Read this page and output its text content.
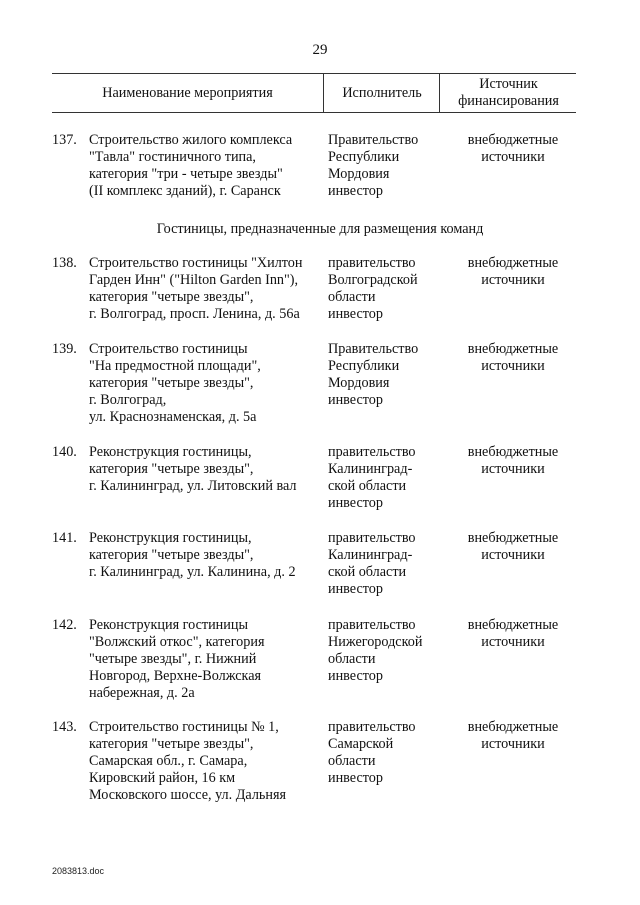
29
Наименование мероприятия	Исполнитель
Источник
финансирования
137. Строительство жилого комплекса
"Тавла" гостиничного типа,
категория "три - четыре звезды"
(II комплекс зданий), г. Саранск
Правительство
Республики
Мордовия
инвестор
внебюджетные
источники
Гостиницы, предназначенные для размещения команд
138. Строительство гостиницы "Хилтон
Гарден Инн" ("Hilton Garden Inn"),
категория "четыре звезды",
г. Волгоград, просп. Ленина, д. 56а
правительство
Волгоградской
области
инвестор
внебюджетные
источники
139. Строительство гостиницы
"На предмостной площади",
категория "четыре звезды",
г. Волгоград,
ул. Краснознаменская, д. 5а
Правительство
Республики
Мордовия
инвестор
внебюджетные
источники
140. Реконструкция гостиницы,
категория "четыре звезды",
г. Калининград, ул. Литовский вал
правительство
Калининград-
ской области
инвестор
внебюджетные
источники
141. Реконструкция гостиницы,
категория "четыре звезды",
г. Калининград, ул. Калинина, д. 2
правительство
Калининград-
ской области
инвестор
внебюджетные
источники
142. Реконструкция гостиницы
"Волжский откос", категория
"четыре звезды", г. Нижний
Новгород, Верхне-Волжская
набережная, д. 2а
правительство
Нижегородской
области
инвестор
внебюджетные
источники
143. Строительство гостиницы № 1,
категория "четыре звезды",
Самарская обл., г. Самара,
Кировский район, 16 км
Московского шоссе, ул. Дальняя
правительство
Самарской
области
инвестор
внебюджетные
источники
2083813.doc
